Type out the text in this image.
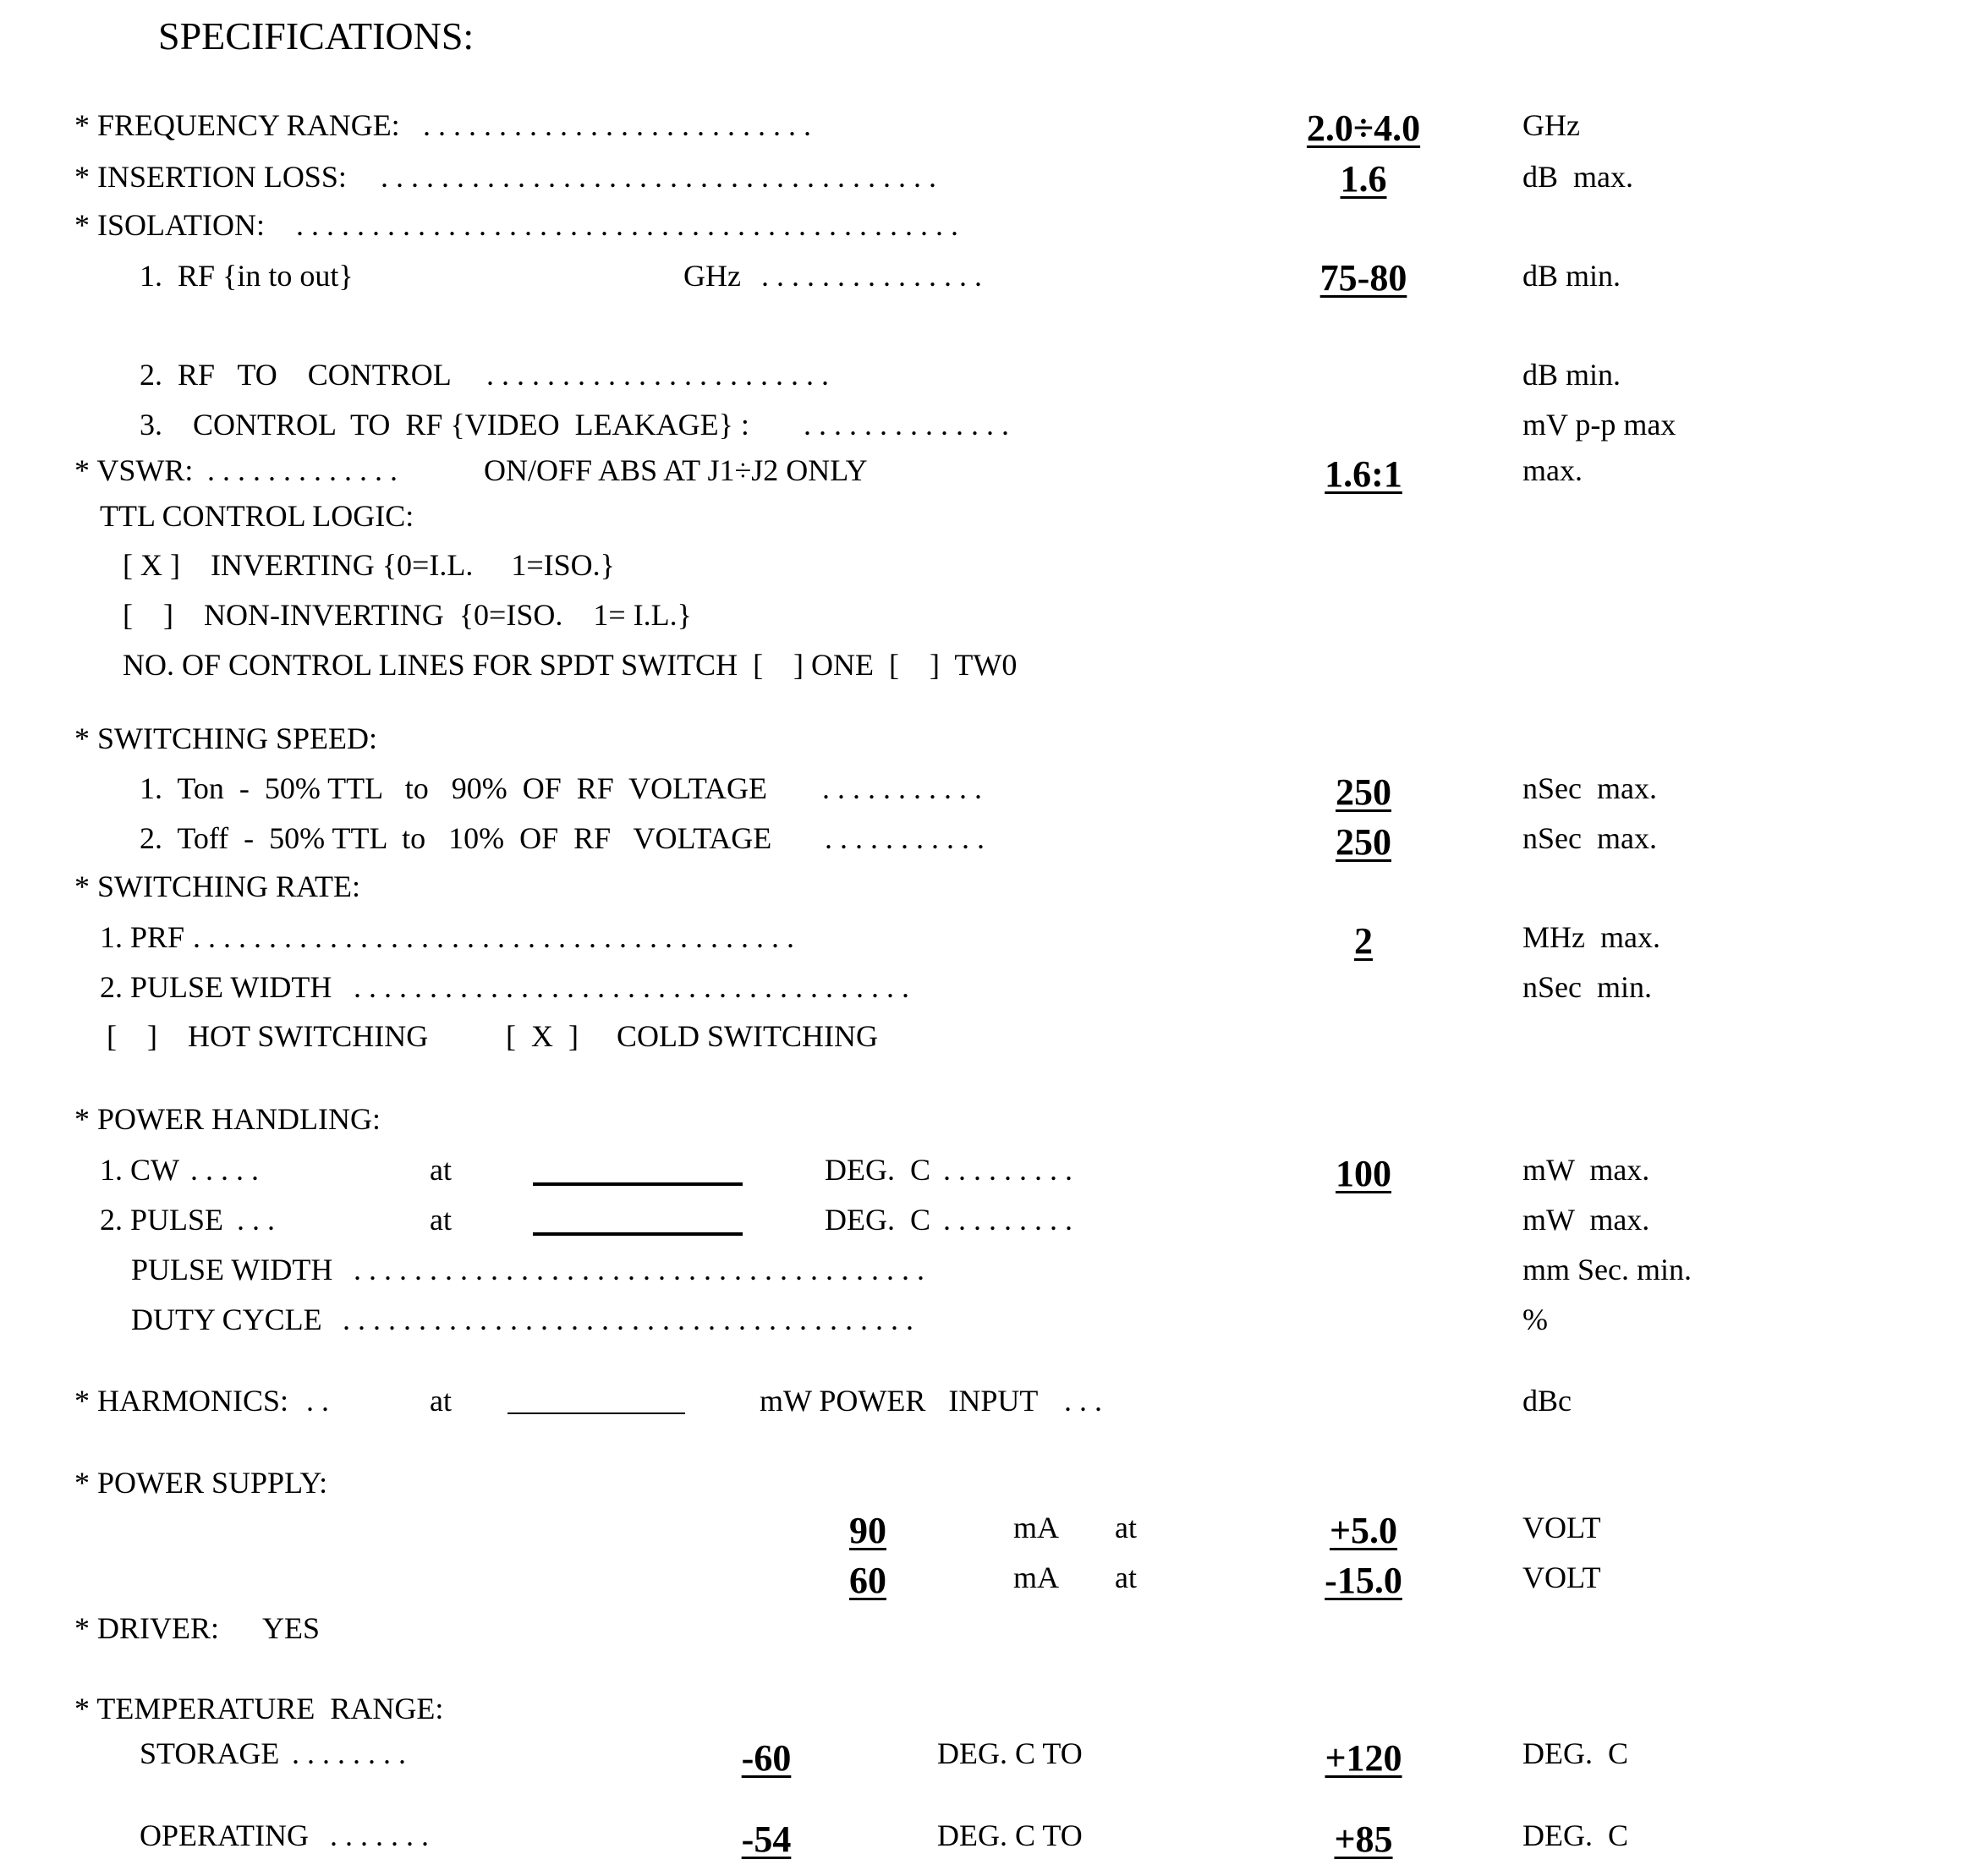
SPECIFICATIONS:
* FREQUENCY RANGE: . . . . . . . . . . . . . . . . . . . . . . . . . .	2.0÷4.0	GHz
* INSERTION LOSS: . . . . . . . . . . . . . . . . . . . . . . . . . . . . . . . . . . . . .	1.6	dB  max.
* ISOLATION: . . . . . . . . . . . . . . . . . . . . . . . . . . . . . . . . . . . . . . . . . . . .
1.  RF {in to out}	GHz . . . . . . . . . . . . . . .	75-80	dB min.
2.  RF   TO    CONTROL . . . . . . . . . . . . . . . . . . . . . . .	dB min.
3.    CONTROL  TO  RF {VIDEO  LEAKAGE} : . . . . . . . . . . . . . .	mV p-p max
* VSWR: . . . . . . . . . . . . .	ON/OFF ABS AT J1÷J2 ONLY	1.6:1	max.
TTL CONTROL LOGIC:
[ X ]    INVERTING {0=I.L.     1=ISO.}
[    ]    NON-INVERTING  {0=ISO.    1= I.L.}
NO. OF CONTROL LINES FOR SPDT SWITCH  [    ] ONE  [    ]  TW0
* SWITCHING SPEED:
1.  Ton  -  50% TTL   to   90%  OF  RF  VOLTAGE . . . . . . . . . . .	250	nSec  max.
2.  Toff  -  50% TTL  to   10%  OF  RF   VOLTAGE . . . . . . . . . . .	250	nSec  max.
* SWITCHING RATE:
1. PRF . . . . . . . . . . . . . . . . . . . . . . . . . . . . . . . . . . . . . . . .	2	MHz  max.
2. PULSE WIDTH . . . . . . . . . . . . . . . . . . . . . . . . . . . . . . . . . . . . .	nSec  min.
[    ]    HOT SWITCHING	[  X  ]     COLD SWITCHING
* POWER HANDLING:
1. CW . . . . .	at	DEG.  C . . . . . . . . .	100	mW  max.
2. PULSE . . .	at	DEG.  C . . . . . . . . .	mW  max.
PULSE WIDTH . . . . . . . . . . . . . . . . . . . . . . . . . . . . . . . . . . . . . .	mm Sec. min.
DUTY CYCLE . . . . . . . . . . . . . . . . . . . . . . . . . . . . . . . . . . . . . .	%
* HARMONICS: . .	at	mW POWER   INPUT . . .	dBc
* POWER SUPPLY:
90	mA at	+5.0	VOLT
60	mA at	-15.0	VOLT
* DRIVER: YES
* TEMPERATURE  RANGE:
STORAGE . . . . . . . .	-60	DEG. C TO	+120	DEG.  C
OPERATING . . . . . . .	-54	DEG. C TO	+85	DEG.  C
